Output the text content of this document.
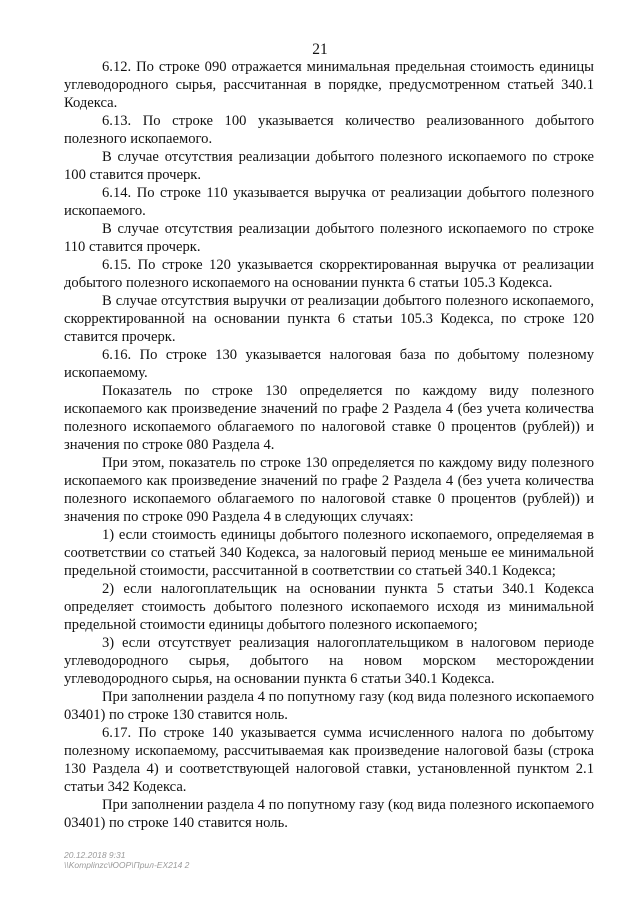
21

6.12. По строке 090 отражается минимальная предельная стоимость единицы углеводородного сырья, рассчитанная в порядке, предусмотренном статьей 340.1 Кодекса.

6.13. По строке 100 указывается количество реализованного добытого полезного ископаемого.

В случае отсутствия реализации добытого полезного ископаемого по строке 100 ставится прочерк.

6.14. По строке 110 указывается выручка от реализации добытого полезного ископаемого.

В случае отсутствия реализации добытого полезного ископаемого по строке 110 ставится прочерк.

6.15. По строке 120 указывается скорректированная выручка от реализации добытого полезного ископаемого на основании пункта 6 статьи 105.3 Кодекса.

В случае отсутствия выручки от реализации добытого полезного ископаемого, скорректированной на основании пункта 6 статьи 105.3 Кодекса, по строке 120 ставится прочерк.

6.16. По строке 130 указывается налоговая база по добытому полезному ископаемому.

Показатель по строке 130 определяется по каждому виду полезного ископаемого как произведение значений по графе 2 Раздела 4 (без учета количества полезного ископаемого облагаемого по налоговой ставке 0 процентов (рублей)) и значения по строке 080 Раздела 4.

При этом, показатель по строке 130 определяется по каждому виду полезного ископаемого как произведение значений по графе 2 Раздела 4 (без учета количества полезного ископаемого облагаемого по налоговой ставке 0 процентов (рублей)) и значения по строке 090 Раздела 4 в следующих случаях:

1) если стоимость единицы добытого полезного ископаемого, определяемая в соответствии со статьей 340 Кодекса, за налоговый период меньше ее минимальной предельной стоимости, рассчитанной в соответствии со статьей 340.1 Кодекса;

2) если налогоплательщик на основании пункта 5 статьи 340.1 Кодекса определяет стоимость добытого полезного ископаемого исходя из минимальной предельной стоимости единицы добытого полезного ископаемого;

3) если отсутствует реализация налогоплательщиком в налоговом периоде углеводородного сырья, добытого на новом морском месторождении углеводородного сырья, на основании пункта 6 статьи 340.1 Кодекса.

При заполнении раздела 4 по попутному газу (код вида полезного ископаемого 03401) по строке 130 ставится ноль.

6.17. По строке 140 указывается сумма исчисленного налога по добытому полезному ископаемому, рассчитываемая как произведение налоговой базы (строка 130 Раздела 4) и соответствующей налоговой ставки, установленной пунктом 2.1 статьи 342 Кодекса.

При заполнении раздела 4 по попутному газу (код вида полезного ископаемого 03401) по строке 140 ставится ноль.

20.12.2018 9:31
\\Komplinzc\ЮОР\Прил-ЕХ214 2
